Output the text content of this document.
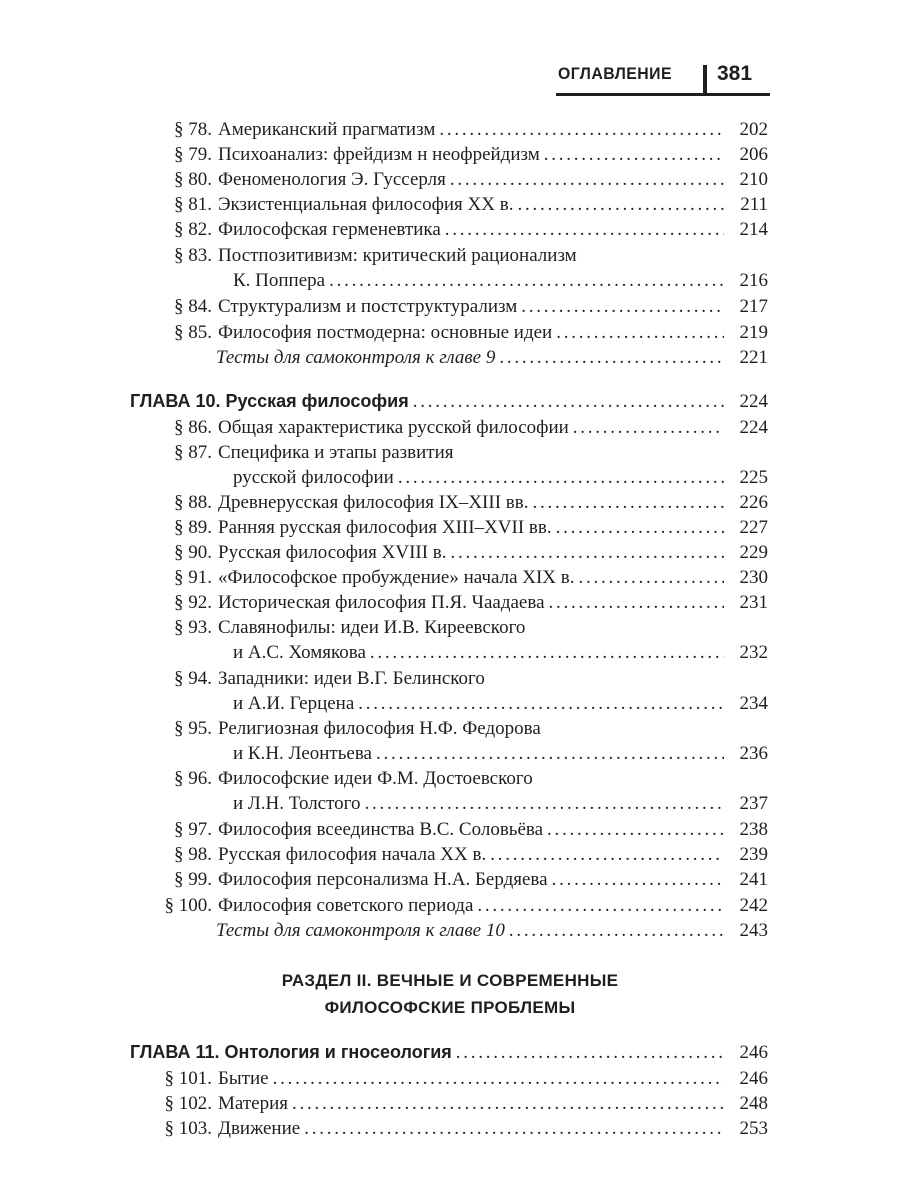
ОГЛАВЛЕНИЕ 381
§ 78. Американский прагматизм . . .	202
§ 79. Психоанализ: фрейдизм н неофрейдизм . . .	206
§ 80. Феноменология Э. Гуссерля . . .	210
§ 81. Экзистенциальная философия XX в. . . .	211
§ 82. Философская герменевтика . . .	214
§ 83. Постпозитивизм: критический рационализм
К. Поппера . . .	216
§ 84. Структурализм и постструктурализм . . .	217
§ 85. Философия постмодерна: основные идеи . . .	219
Тесты для самоконтроля к главе 9 . . .	221
ГЛАВА 10. Русская философия . . .	224
§ 86. Общая характеристика русской философии . . .	224
§ 87. Специфика и этапы развития
русской философии . . .	225
§ 88. Древнерусская философия IX–XIII вв. . . .	226
§ 89. Ранняя русская философия XIII–XVII вв. . . .	227
§ 90. Русская философия XVIII в. . . .	229
§ 91. «Философское пробуждение» начала XIX в. . . .	230
§ 92. Историческая философия П.Я. Чаадаева . . .	231
§ 93. Славянофилы: идеи И.В. Киреевского
и А.С. Хомякова . . .	232
§ 94. Западники: идеи В.Г. Белинского
и А.И. Герцена . . .	234
§ 95. Религиозная философия Н.Ф. Федорова
и К.Н. Леонтьева . . .	236
§ 96. Философские идеи Ф.М. Достоевского
и Л.Н. Толстого . . .	237
§ 97. Философия всеединства В.С. Соловьёва . . .	238
§ 98. Русская философия начала XX в. . . .	239
§ 99. Философия персонализма Н.А. Бердяева . . .	241
§ 100. Философия советского периода . . .	242
Тесты для самоконтроля к главе 10 . . .	243
РАЗДЕЛ II. ВЕЧНЫЕ И СОВРЕМЕННЫЕ
ФИЛОСОФСКИЕ ПРОБЛЕМЫ
ГЛАВА 11. Онтология и гносеология . . .	246
§ 101. Бытие . . .	246
§ 102. Материя . . .	248
§ 103. Движение . . .	253
